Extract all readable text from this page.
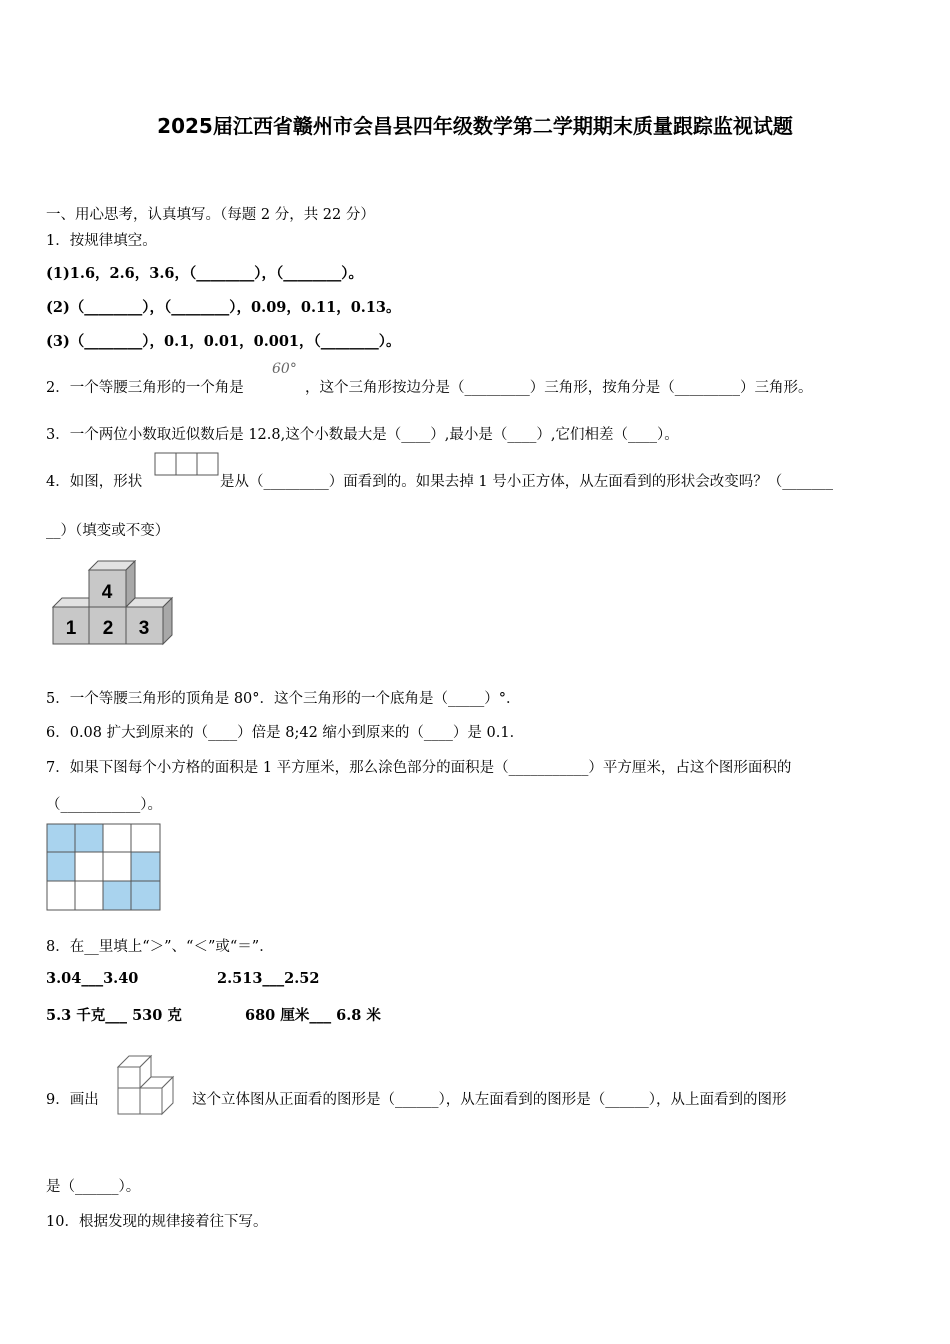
2025届江西省赣州市会昌县四年级数学第二学期期末质量跟踪监视试题
一、用心思考，认真填写。（每题 2 分，共 22 分）
1．按规律填空。
(1)1.6，2.6，3.6，（________），（________）。
(2)（________），（________），0.09，0.11，0.13。
(3)（________），0.1，0.01，0.001，（________）。
2．一个等腰三角形的一个角是
60°
，这个三角形按边分是（_________）三角形，按角分是（_________）三角形。
3．一个两位小数取近似数后是 12.8,这个小数最大是（____）,最小是（____）,它们相差（____）。
4．如图，形状	是从（_________）面看到的。如果去掉 1 号小正方体，从左面看到的形状会改变吗？（_______
__）（填变或不变）
4
1 2 3
5．一个等腰三角形的顶角是 80°．这个三角形的一个底角是（_____）°．
6．0.08 扩大到原来的（____）倍是 8;42 缩小到原来的（____）是 0.1．
7．如果下图每个小方格的面积是 1 平方厘米，那么涂色部分的面积是（___________）平方厘米，占这个图形面积的
（___________）。
8．在__里填上“＞”、“＜”或“＝”．
3.04___3.40	2.513___2.52
5.3 千克___ 530 克	680 厘米___ 6.8 米
9．画出	这个立体图从正面看的图形是（______），从左面看到的图形是（______），从上面看到的图形
是（______）。
10．根据发现的规律接着往下写。
